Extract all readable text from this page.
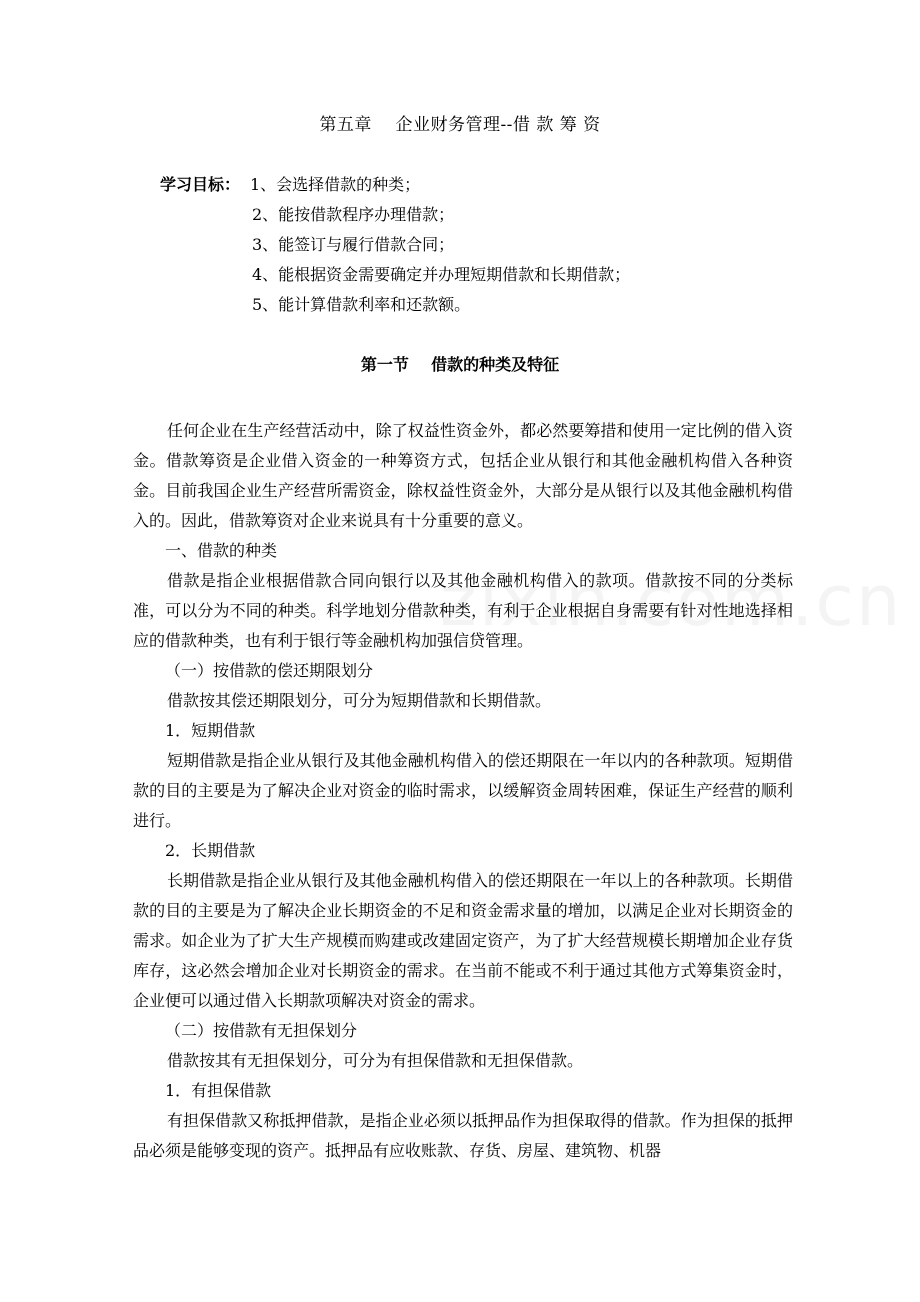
第五章    企业财务管理--借 款 筹 资
学习目标： 1、会选择借款的种类；
2、能按借款程序办理借款；
3、能签订与履行借款合同；
4、能根据资金需要确定并办理短期借款和长期借款；
5、能计算借款利率和还款额。
第一节    借款的种类及特征

任何企业在生产经营活动中，除了权益性资金外，都必然要筹措和使用一定比例的借入资金。借款筹资是企业借入资金的一种筹资方式，包括企业从银行和其他金融机构借入各种资金。目前我国企业生产经营所需资金，除权益性资金外，大部分是从银行以及其他金融机构借入的。因此，借款筹资对企业来说具有十分重要的意义。

一、借款的种类

借款是指企业根据借款合同向银行以及其他金融机构借入的款项。借款按不同的分类标准，可以分为不同的种类。科学地划分借款种类，有利于企业根据自身需要有针对性地选择相应的借款种类，也有利于银行等金融机构加强信贷管理。

（一）按借款的偿还期限划分

借款按其偿还期限划分，可分为短期借款和长期借款。

1．短期借款

短期借款是指企业从银行及其他金融机构借入的偿还期限在一年以内的各种款项。短期借款的目的主要是为了解决企业对资金的临时需求，以缓解资金周转困难，保证生产经营的顺利进行。

2．长期借款

长期借款是指企业从银行及其他金融机构借入的偿还期限在一年以上的各种款项。长期借款的目的主要是为了解决企业长期资金的不足和资金需求量的增加，以满足企业对长期资金的需求。如企业为了扩大生产规模而购建或改建固定资产，为了扩大经营规模长期增加企业存货库存，这必然会增加企业对长期资金的需求。在当前不能或不利于通过其他方式筹集资金时，企业便可以通过借入长期款项解决对资金的需求。

（二）按借款有无担保划分

借款按其有无担保划分，可分为有担保借款和无担保借款。

1．有担保借款

有担保借款又称抵押借款，是指企业必须以抵押品作为担保取得的借款。作为担保的抵押品必须是能够变现的资产。抵押品有应收账款、存货、房屋、建筑物、机器
